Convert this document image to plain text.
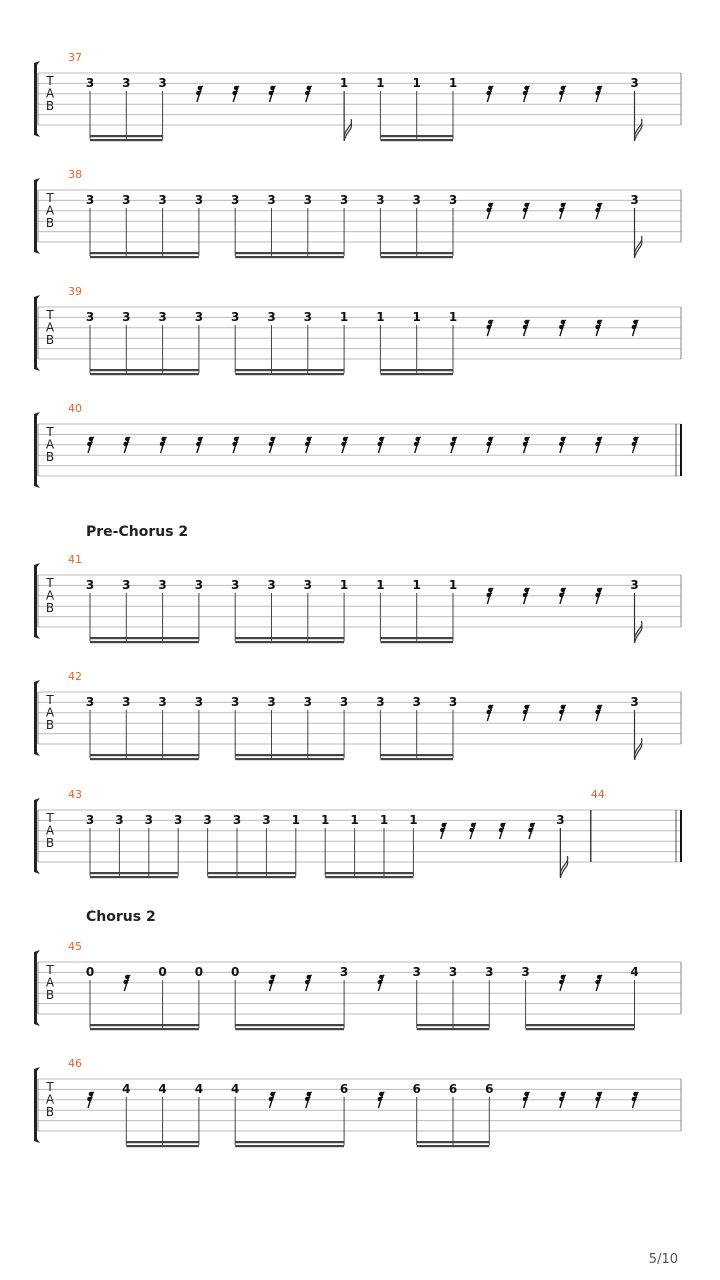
Pre-Chorus 2
Chorus 2
T
A
B
37
3 3 3	1 1 1 1	3
T
A
B
38
3 3 3 3 3 3 3 3 3 3 3	3
T
A
B
39
3 3 3 3 3 3 3 1 1 1 1
T
A
B
40
T
A
B
41
3 3 3 3 3 3 3 1 1 1 1	3
T
A
B
42
3 3 3 3 3 3 3 3 3 3 3	3
T
A
B
43
3 3 3 3 3 3 3 1 1 1 1 1	3
44
T
A
B
45
0	0 0 0	3	3 3 3 3	4
T
A
B
46
4 4 4 4	6	6 6 6
5/10
